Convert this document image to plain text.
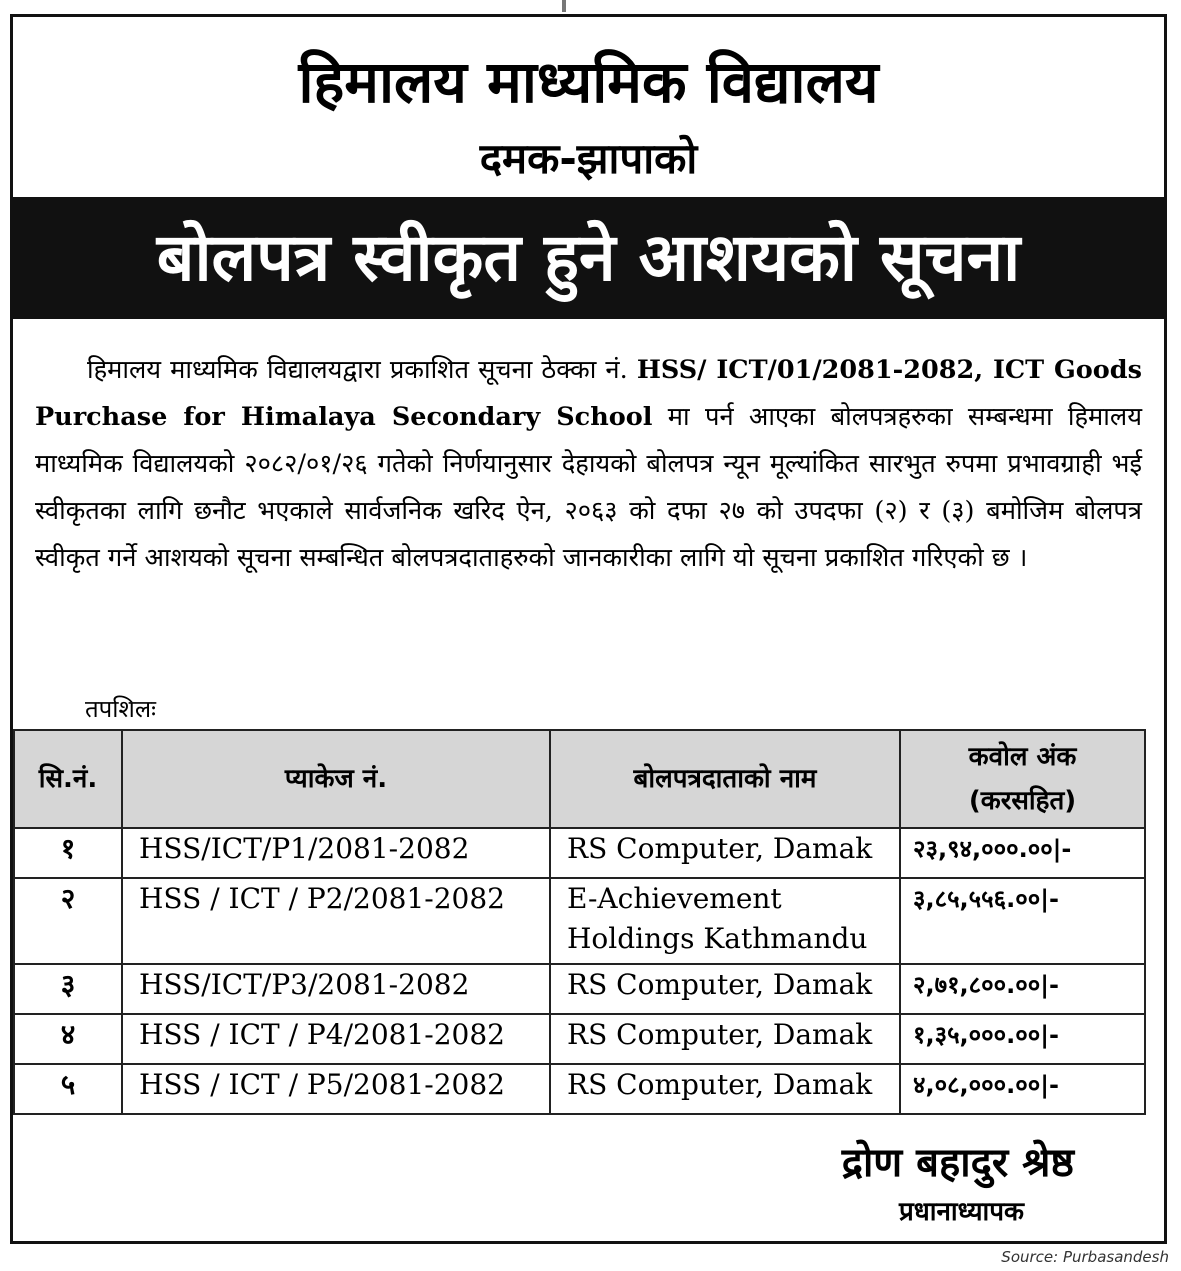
हिमालय माध्यमिक विद्यालय
दमक-झापाको
बोलपत्र स्वीकृत हुने आशयको सूचना
हिमालय माध्यमिक विद्यालयद्वारा प्रकाशित सूचना ठेक्का नं. HSS/ ICT/01/2081-2082, ICT Goods Purchase for Himalaya Secondary School मा पर्न आएका बोलपत्रहरुका सम्बन्धमा हिमालय माध्यमिक विद्यालयको २०८२/०१/२६ गतेको निर्णयानुसार देहायको बोलपत्र न्यून मूल्यांकित सारभुत रुपमा प्रभावग्राही भई स्वीकृतका लागि छनौट भएकाले सार्वजनिक खरिद ऐन, २०६३ को दफा २७ को उपदफा (२) र (३) बमोजिम बोलपत्र स्वीकृत गर्ने आशयको सूचना सम्बन्धित बोलपत्रदाताहरुको जानकारीका लागि यो सूचना प्रकाशित गरिएको छ ।
तपशिलः
सि.नं.	प्याकेज नं.	बोलपत्रदाताको नाम	कवोल अंक
(करसहित)

१	HSS/ICT/P1/2081-2082	RS Computer, Damak	२३,९४,०००.००|-
२	HSS / ICT / P2/2081-2082	E-Achievement Holdings Kathmandu	३,८५,५५६.००|-
३	HSS/ICT/P3/2081-2082	RS Computer, Damak	२,७१,८००.००|-
४	HSS / ICT / P4/2081-2082	RS Computer, Damak	१,३५,०००.००|-
५	HSS / ICT / P5/2081-2082	RS Computer, Damak	४,०८,०००.००|-
द्रोण बहादुर श्रेष्ठ
प्रधानाध्यापक
Source: Purbasandesh
